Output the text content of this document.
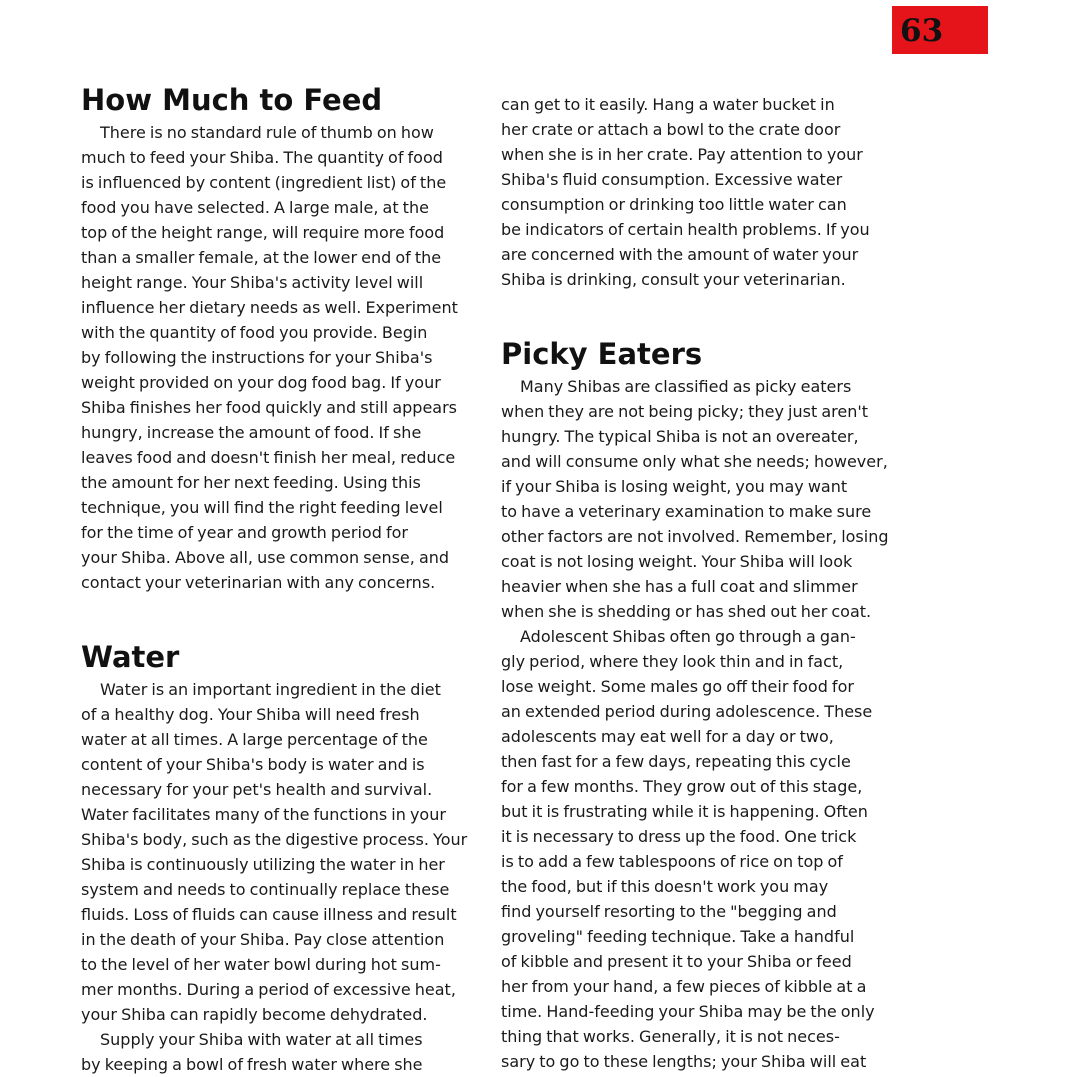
63
How Much to Feed
There is no standard rule of thumb on how
much to feed your Shiba. The quantity of food
is influenced by content (ingredient list) of the
food you have selected. A large male, at the
top of the height range, will require more food
than a smaller female, at the lower end of the
height range. Your Shiba's activity level will
influence her dietary needs as well. Experiment
with the quantity of food you provide. Begin
by following the instructions for your Shiba's
weight provided on your dog food bag. If your
Shiba finishes her food quickly and still appears
hungry, increase the amount of food. If she
leaves food and doesn't finish her meal, reduce
the amount for her next feeding. Using this
technique, you will find the right feeding level
for the time of year and growth period for
your Shiba. Above all, use common sense, and
contact your veterinarian with any concerns.
Water
Water is an important ingredient in the diet
of a healthy dog. Your Shiba will need fresh
water at all times. A large percentage of the
content of your Shiba's body is water and is
necessary for your pet's health and survival.
Water facilitates many of the functions in your
Shiba's body, such as the digestive process. Your
Shiba is continuously utilizing the water in her
system and needs to continually replace these
fluids. Loss of fluids can cause illness and result
in the death of your Shiba. Pay close attention
to the level of her water bowl during hot sum-
mer months. During a period of excessive heat,
your Shiba can rapidly become dehydrated.
Supply your Shiba with water at all times
by keeping a bowl of fresh water where she
can get to it easily. Hang a water bucket in
her crate or attach a bowl to the crate door
when she is in her crate. Pay attention to your
Shiba's fluid consumption. Excessive water
consumption or drinking too little water can
be indicators of certain health problems. If you
are concerned with the amount of water your
Shiba is drinking, consult your veterinarian.
Picky Eaters
Many Shibas are classified as picky eaters
when they are not being picky; they just aren't
hungry. The typical Shiba is not an overeater,
and will consume only what she needs; however,
if your Shiba is losing weight, you may want
to have a veterinary examination to make sure
other factors are not involved. Remember, losing
coat is not losing weight. Your Shiba will look
heavier when she has a full coat and slimmer
when she is shedding or has shed out her coat.
Adolescent Shibas often go through a gan-
gly period, where they look thin and in fact,
lose weight. Some males go off their food for
an extended period during adolescence. These
adolescents may eat well for a day or two,
then fast for a few days, repeating this cycle
for a few months. They grow out of this stage,
but it is frustrating while it is happening. Often
it is necessary to dress up the food. One trick
is to add a few tablespoons of rice on top of
the food, but if this doesn't work you may
find yourself resorting to the "begging and
groveling" feeding technique. Take a handful
of kibble and present it to your Shiba or feed
her from your hand, a few pieces of kibble at a
time. Hand-feeding your Shiba may be the only
thing that works. Generally, it is not neces-
sary to go to these lengths; your Shiba will eat
